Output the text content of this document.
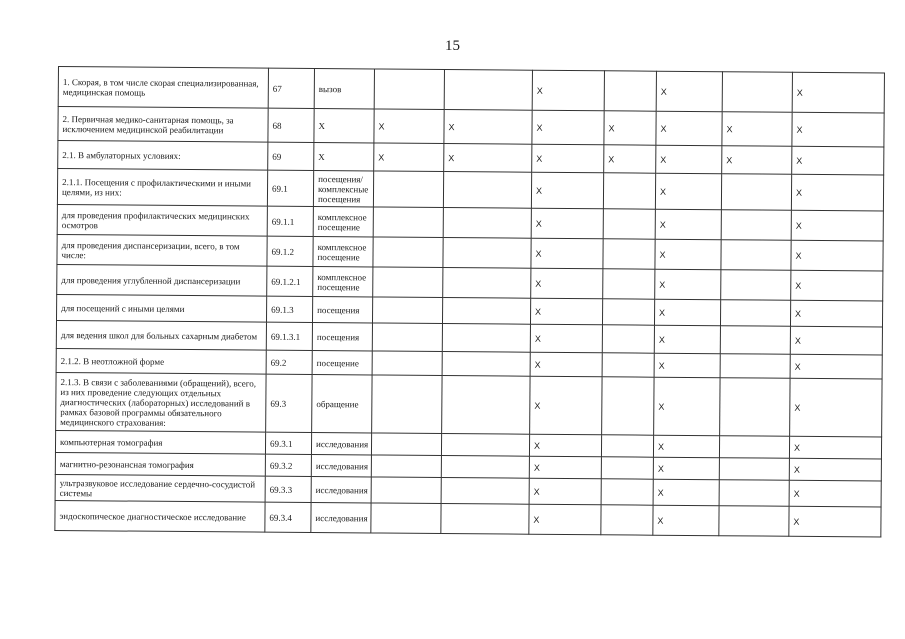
15
1. Скорая, в том числе скорая специализированная, медицинская помощь	67	вызов			Х		Х		Х
2. Первичная медико-санитарная помощь, за исключением медицинской реабилитации	68	Х	Х	Х	Х	Х	Х	Х	Х
2.1. В амбулаторных условиях:	69	Х	Х	Х	Х	Х	Х	Х	Х
2.1.1. Посещения с профилактическими и иными целями, из них:	69.1	посещения/ комплексные посещения			Х		Х		Х
для проведения профилактических медицинских осмотров	69.1.1	комплексное посещение			Х		Х		Х
для проведения диспансеризации, всего, в том числе:	69.1.2	комплексное посещение			Х		Х		Х
для проведения углубленной диспансеризации	69.1.2.1	комплексное посещение			Х		Х		Х
для посещений с иными целями	69.1.3	посещения			Х		Х		Х
для ведения школ для больных сахарным диабетом	69.1.3.1	посещения			Х		Х		Х
2.1.2. В неотложной форме	69.2	посещение			Х		Х		Х
2.1.3. В связи с заболеваниями (обращений), всего, из них проведение следующих отдельных диагностических (лабораторных) исследований в рамках базовой программы обязательного медицинского страхования:	69.3	обращение			Х		Х		Х
компьютерная томография	69.3.1	исследования			Х		Х		Х
магнитно-резонансная томография	69.3.2	исследования			Х		Х		Х
ультразвуковое исследование сердечно-сосудистой системы	69.3.3	исследования			Х		Х		Х
эндоскопическое диагностическое исследование	69.3.4	исследования			Х		Х		Х
